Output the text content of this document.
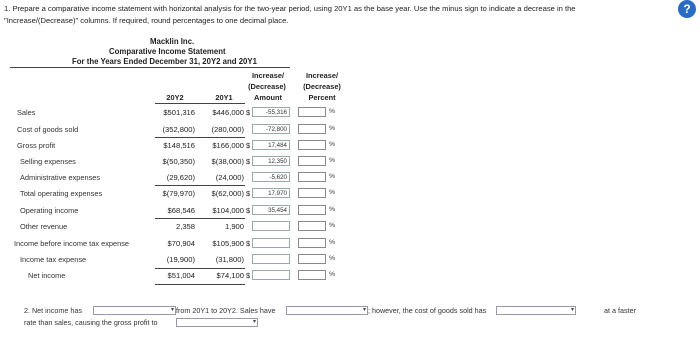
1. Prepare a comparative income statement with horizontal analysis for the two-year period, using 20Y1 as the base year. Use the minus sign to indicate a decrease in the "Increase/(Decrease)" columns. If required, round percentages to one decimal place.
?
Macklin Inc.
Comparative Income Statement
For the Years Ended December 31, 20Y2 and 20Y1
Increase/
(Decrease)
Amount
Increase/
(Decrease)
Percent
20Y2	20Y1
Sales	$501,316	$446,000 $	-55,316	%
Cost of goods sold	(352,800)	(280,000)	-72,800	%
Gross profit	$148,516	$166,000 $	17,484	%
Selling expenses	$(50,350)	$(38,000) $	12,350	%
Administrative expenses	(29,620)	(24,000)	-5,620	%
Total operating expenses	$(79,970)	$(62,000) $	17,970	%
Operating income	$68,546	$104,000 $	35,454	%
Other revenue	2,358	1,900	%
Income before income tax expense	$70,904	$105,900 $	%
Income tax expense	(19,900)	(31,800)	%
Net income	$51,004	$74,100 $	%
2. Net income has	▾ from 20Y1 to 20Y2. Sales have	▾ ; however, the cost of goods sold has	▾	at a faster
rate than sales, causing the gross profit to	▾
